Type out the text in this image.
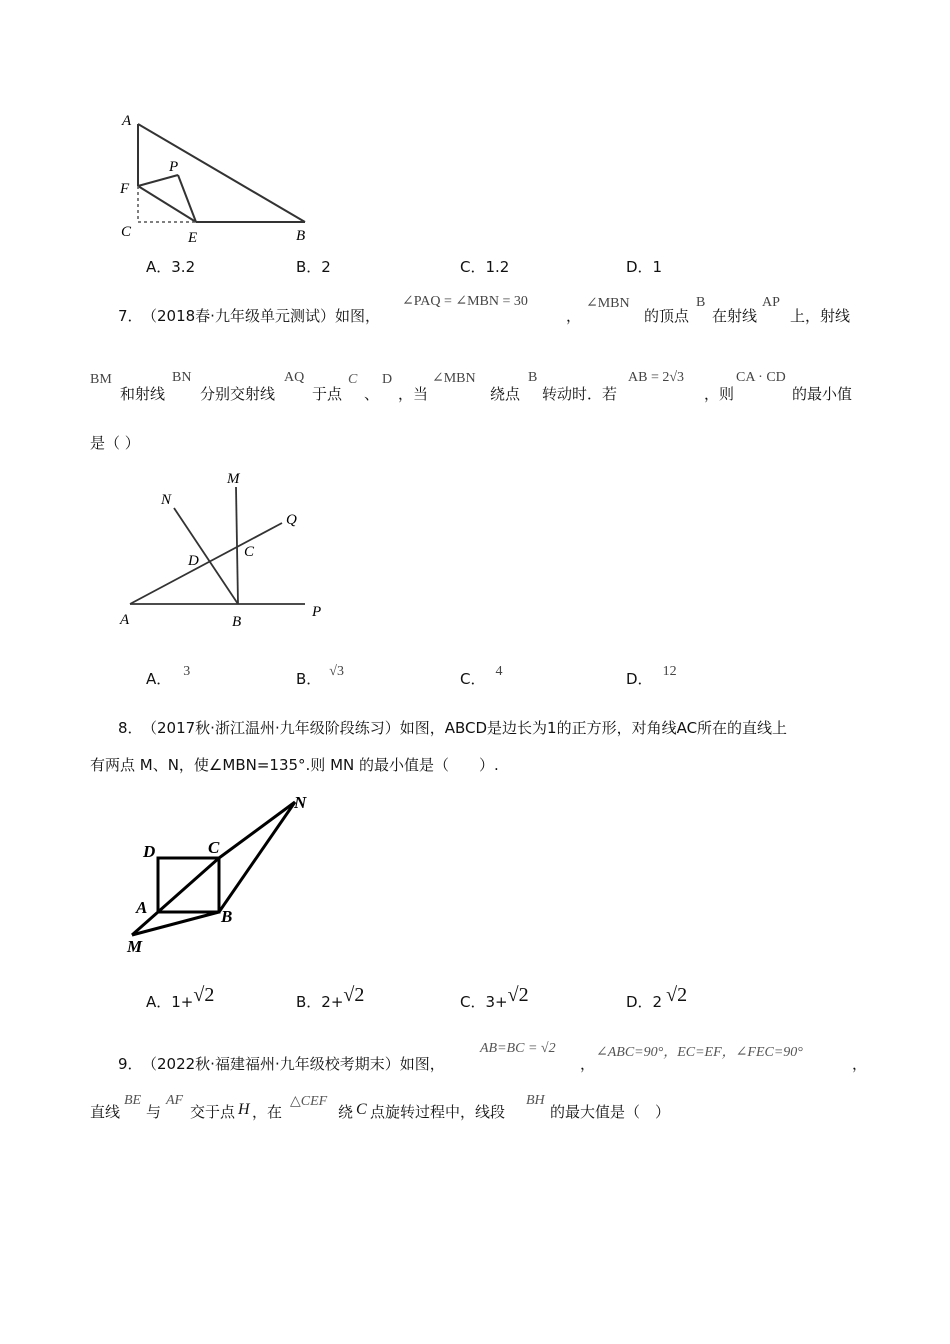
A
P
F
C	E	B
A．3.2	B．2	C．1.2	D．1
7． （2018春·九年级单元测试）如图，
∠PAQ = ∠MBN = 30
，
∠MBN
的顶点
B
在射线
AP
上，射线
BM
和射线
BN
分别交射线
AQ
于点
C
、
D
，当
∠MBN
绕点
B
转动时．若
AB = 2√3
，则
CA · CD
的最小值
是（ ）
N
M
Q
D
C
A	B
P
A． 3	B． √3	C． 4	D． 12
8． （2017秋·浙江温州·九年级阶段练习）如图，ABCD是边长为1的正方形，对角线AC所在的直线上
有两点 M、N，使∠MBN=135°.则 MN 的最小值是（　　）.
N
D	C
A	B
M
A．1+√2	B．2+√2	C．3+√2	D．2 √2
9． （2022秋·福建福州·九年级校考期末）如图，
AB=BC = √2
，
∠ABC=90°，EC=EF，∠FEC=90°
，
直线
BE
与
AF
交于点 H ，在
△CEF
绕 C 点旋转过程中，线段
BH
的最大值是（　）
